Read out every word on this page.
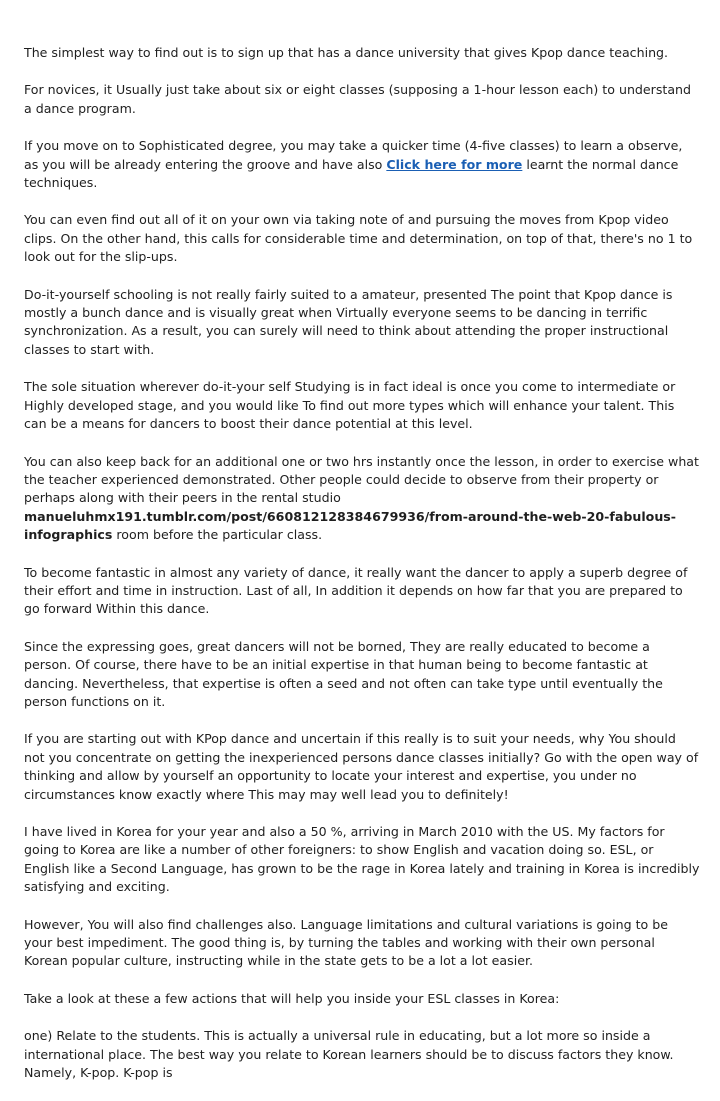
The simplest way to find out is to sign up that has a dance university that gives Kpop dance teaching.

For novices, it Usually just take about six or eight classes (supposing a 1-hour lesson each) to understand a dance program.

If you move on to Sophisticated degree, you may take a quicker time (4-five classes) to learn a observe, as you will be already entering the groove and have also Click here for more learnt the normal dance techniques.

You can even find out all of it on your own via taking note of and pursuing the moves from Kpop video clips. On the other hand, this calls for considerable time and determination, on top of that, there's no 1 to look out for the slip-ups.

Do-it-yourself schooling is not really fairly suited to a amateur, presented The point that Kpop dance is mostly a bunch dance and is visually great when Virtually everyone seems to be dancing in terrific synchronization. As a result, you can surely will need to think about attending the proper instructional classes to start with.

The sole situation wherever do-it-your self Studying is in fact ideal is once you come to intermediate or Highly developed stage, and you would like To find out more types which will enhance your talent. This can be a means for dancers to boost their dance potential at this level.

You can also keep back for an additional one or two hrs instantly once the lesson, in order to exercise what the teacher experienced demonstrated. Other people could decide to observe from their property or perhaps along with their peers in the rental studio manueluhmx191.tumblr.com/post/660812128384679936/from-around-the-web-20-fabulous-infographics room before the particular class.

To become fantastic in almost any variety of dance, it really want the dancer to apply a superb degree of their effort and time in instruction. Last of all, In addition it depends on how far that you are prepared to go forward Within this dance.

Since the expressing goes, great dancers will not be borned, They are really educated to become a person. Of course, there have to be an initial expertise in that human being to become fantastic at dancing. Nevertheless, that expertise is often a seed and not often can take type until eventually the person functions on it.

If you are starting out with KPop dance and uncertain if this really is to suit your needs, why You should not you concentrate on getting the inexperienced persons dance classes initially? Go with the open way of thinking and allow by yourself an opportunity to locate your interest and expertise, you under no circumstances know exactly where This may may well lead you to definitely!

I have lived in Korea for your year and also a 50 %, arriving in March 2010 with the US. My factors for going to Korea are like a number of other foreigners: to show English and vacation doing so. ESL, or English like a Second Language, has grown to be the rage in Korea lately and training in Korea is incredibly satisfying and exciting.

However, You will also find challenges also. Language limitations and cultural variations is going to be your best impediment. The good thing is, by turning the tables and working with their own personal Korean popular culture, instructing while in the state gets to be a lot a lot easier.

Take a look at these a few actions that will help you inside your ESL classes in Korea:

one) Relate to the students. This is actually a universal rule in educating, but a lot more so inside a international place. The best way you relate to Korean learners should be to discuss factors they know. Namely, K-pop. K-pop is
